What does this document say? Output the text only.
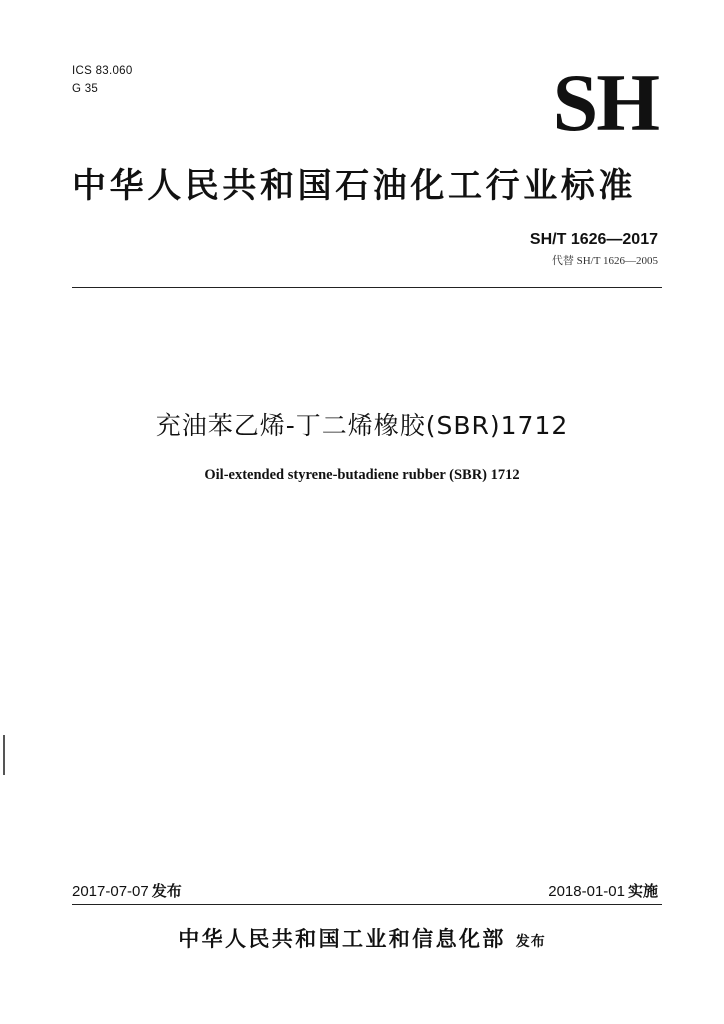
ICS 83.060
G 35	SH
中华人民共和国石油化工行业标准
SH/T 1626—2017
代替 SH/T 1626—2005
充油苯乙烯-丁二烯橡胶(SBR)1712
Oil-extended styrene-butadiene rubber (SBR) 1712
2017-07-07 发布	2018-01-01 实施
中华人民共和国工业和信息化部 发布
